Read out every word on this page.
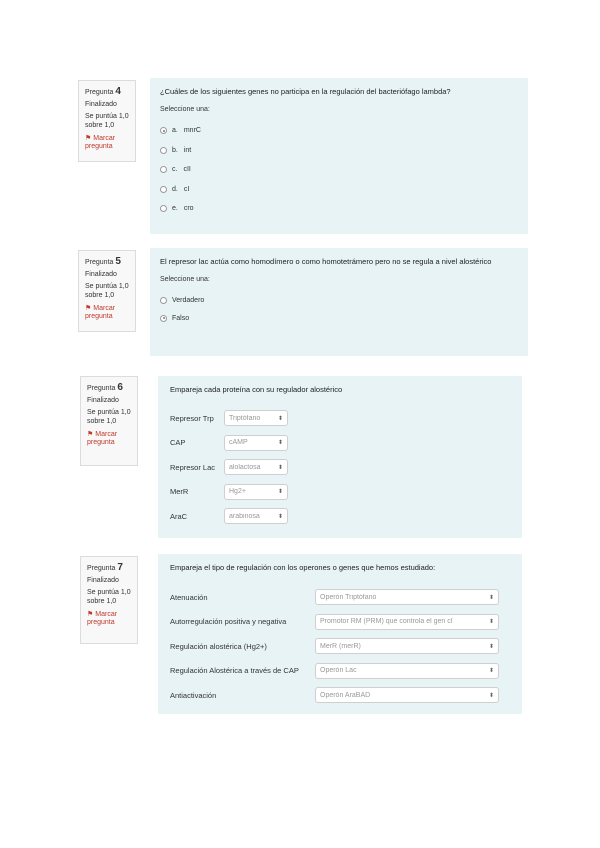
Pregunta 4
Finalizado
Se puntúa 1,0 sobre 1,0
⚑ Marcar pregunta

¿Cuáles de los siguientes genes no participa en la regulación del bacteriófago lambda?

Seleccione una:
a. mnrC
b. int
c. cII
d. cI
e. cro
Pregunta 5
Finalizado
Se puntúa 1,0 sobre 1,0
⚑ Marcar pregunta

El represor lac actúa como homodímero o como homotetrámero pero no se regula a nivel alostérico

Seleccione una:
Verdadero
Falso
Pregunta 6
Finalizado
Se puntúa 1,0 sobre 1,0
⚑ Marcar pregunta

Empareja cada proteína con su regulador alostérico

Represor Trp	Triptófano	⬍
CAP	cAMP	⬍
Represor Lac	alolactosa	⬍
MerR	Hg2+	⬍
AraC	arabinosa	⬍
Pregunta 7
Finalizado
Se puntúa 1,0 sobre 1,0
⚑ Marcar pregunta

Empareja el tipo de regulación con los operones o genes que hemos estudiado:

Atenuación	Operón Triptófano	⬍
Autorregulación positiva y negativa	Promotor RM (PRM) que controla el gen cI	⬍
Regulación alostérica (Hg2+)	MerR (merR)	⬍
Regulación Alostérica a través de CAP	Operón Lac	⬍
Antiactivación	Operón AraBAD	⬍
